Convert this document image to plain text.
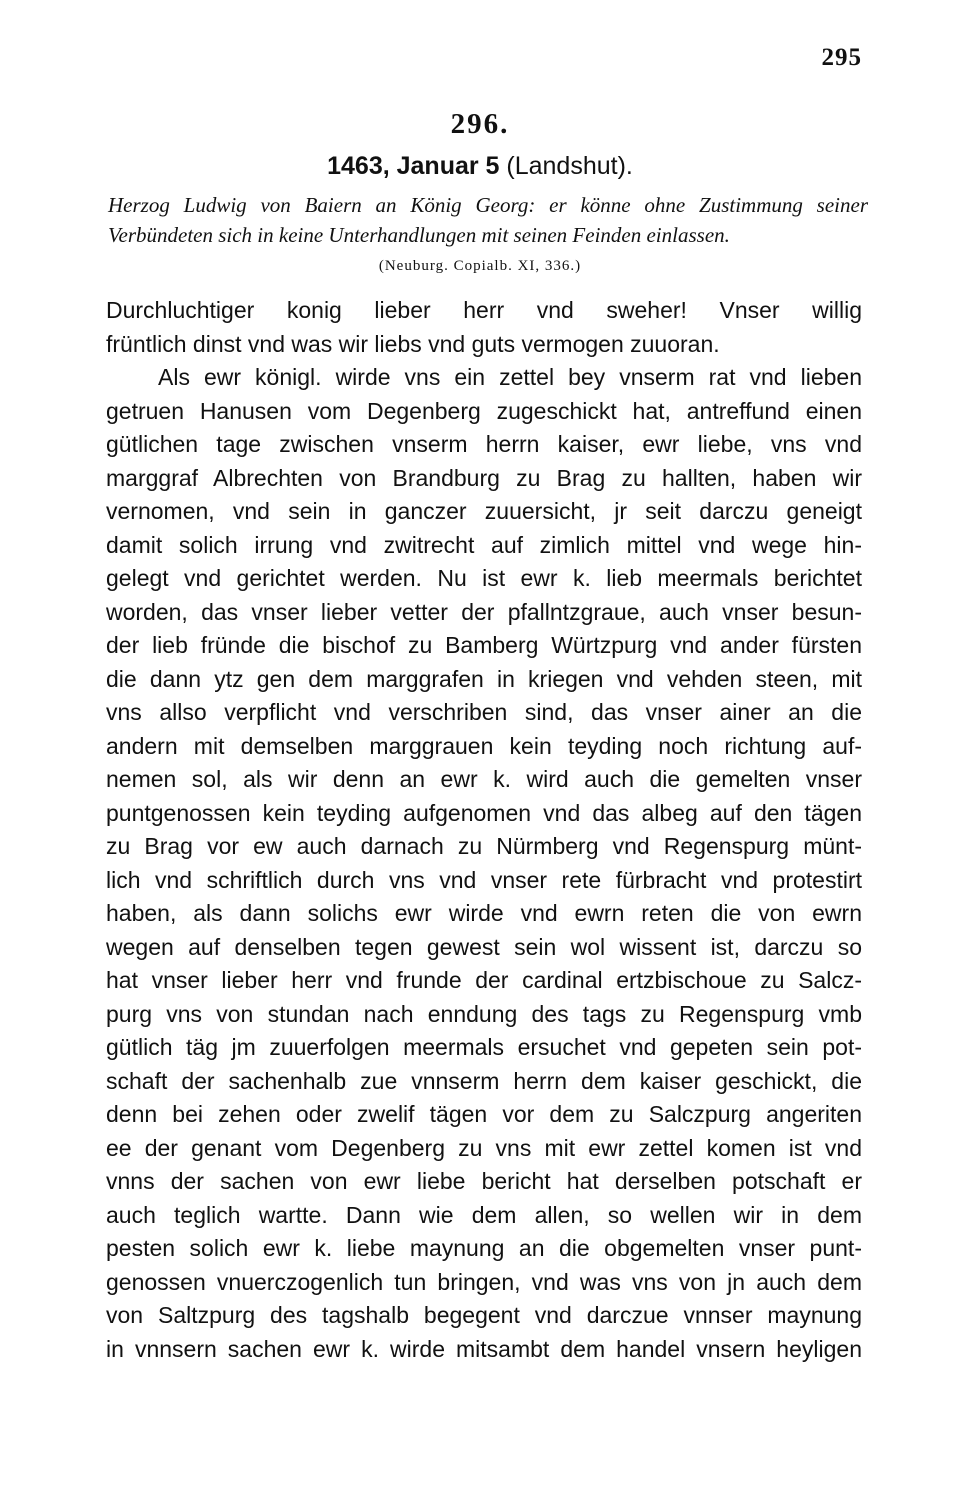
295
296.
1463, Januar 5 (Landshut).
Herzog Ludwig von Baiern an König Georg: er könne ohne Zustimmung seiner Verbündeten sich in keine Unterhandlungen mit seinen Feinden einlassen.
(Neuburg. Copialb. XI, 336.)
Durchluchtiger konig lieber herr vnd sweher! Vnser willig
früntlich dinst vnd was wir liebs vnd guts vermogen zuuoran.
Als ewr königl. wirde vns ein zettel bey vnserm rat vnd lieben
getruen Hanusen vom Degenberg zugeschickt hat, antreffund einen
gütlichen tage zwischen vnserm herrn kaiser, ewr liebe, vns vnd
marggraf Albrechten von Brandburg zu Brag zu hallten, haben wir
vernomen, vnd sein in ganczer zuuersicht, jr seit darczu geneigt
damit solich irrung vnd zwitrecht auf zimlich mittel vnd wege hin-
gelegt vnd gerichtet werden. Nu ist ewr k. lieb meermals berichtet
worden, das vnser lieber vetter der pfallntzgraue, auch vnser besun-
der lieb fründe die bischof zu Bamberg Würtzpurg vnd ander fürsten
die dann ytz gen dem marggrafen in kriegen vnd vehden steen, mit
vns allso verpflicht vnd verschriben sind, das vnser ainer an die
andern mit demselben marggrauen kein teyding noch richtung auf-
nemen sol, als wir denn an ewr k. wird auch die gemelten vnser
puntgenossen kein teyding aufgenomen vnd das albeg auf den tägen
zu Brag vor ew auch darnach zu Nürmberg vnd Regenspurg münt-
lich vnd schriftlich durch vns vnd vnser rete fürbracht vnd protestirt
haben, als dann solichs ewr wirde vnd ewrn reten die von ewrn
wegen auf denselben tegen gewest sein wol wissent ist, darczu so
hat vnser lieber herr vnd frunde der cardinal ertzbischoue zu Salcz-
purg vns von stundan nach enndung des tags zu Regenspurg vmb
gütlich täg jm zuuerfolgen meermals ersuchet vnd gepeten sein pot-
schaft der sachenhalb zue vnnserm herrn dem kaiser geschickt, die
denn bei zehen oder zwelif tägen vor dem zu Salczpurg angeriten
ee der genant vom Degenberg zu vns mit ewr zettel komen ist vnd
vnns der sachen von ewr liebe bericht hat derselben potschaft er
auch teglich wartte. Dann wie dem allen, so wellen wir in dem
pesten solich ewr k. liebe maynung an die obgemelten vnser punt-
genossen vnuerczogenlich tun bringen, vnd was vns von jn auch dem
von Saltzpurg des tagshalb begegent vnd darczue vnnser maynung
in vnnsern sachen ewr k. wirde mitsambt dem handel vnsern heyligen
